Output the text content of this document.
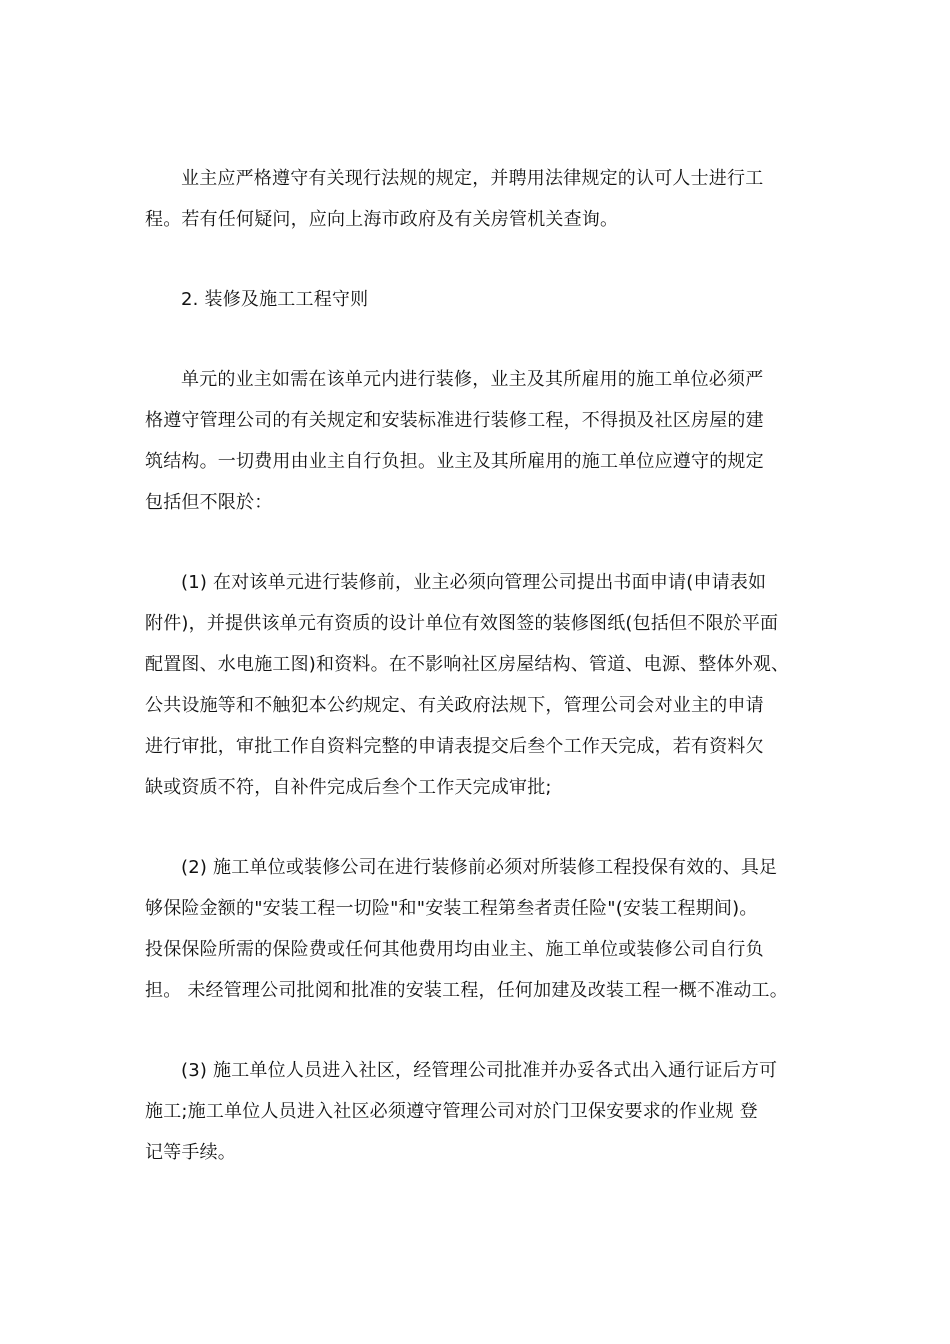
业主应严格遵守有关现行法规的规定，并聘用法律规定的认可人士进行工
程。若有任何疑问，应向上海市政府及有关房管机关查询。
2. 装修及施工工程守则
单元的业主如需在该单元内进行装修，业主及其所雇用的施工单位必须严
格遵守管理公司的有关规定和安装标准进行装修工程，不得损及社区房屋的建
筑结构。一切费用由业主自行负担。业主及其所雇用的施工单位应遵守的规定
包括但不限於：
(1) 在对该单元进行装修前，业主必须向管理公司提出书面申请(申请表如
附件)，并提供该单元有资质的设计单位有效图签的装修图纸(包括但不限於平面
配置图、水电施工图)和资料。在不影响社区房屋结构、管道、电源、整体外观、
公共设施等和不触犯本公约规定、有关政府法规下，管理公司会对业主的申请
进行审批，审批工作自资料完整的申请表提交后叁个工作天完成，若有资料欠
缺或资质不符，自补件完成后叁个工作天完成审批;
(2) 施工单位或装修公司在进行装修前必须对所装修工程投保有效的、具足
够保险金额的"安装工程一切险"和"安装工程第叁者责任险"(安装工程期间)。
投保保险所需的保险费或任何其他费用均由业主、施工单位或装修公司自行负
担。 未经管理公司批阅和批准的安装工程，任何加建及改装工程一概不准动工。
(3) 施工单位人员进入社区，经管理公司批准并办妥各式出入通行证后方可
施工;施工单位人员进入社区必须遵守管理公司对於门卫保安要求的作业规 登
记等手续。
